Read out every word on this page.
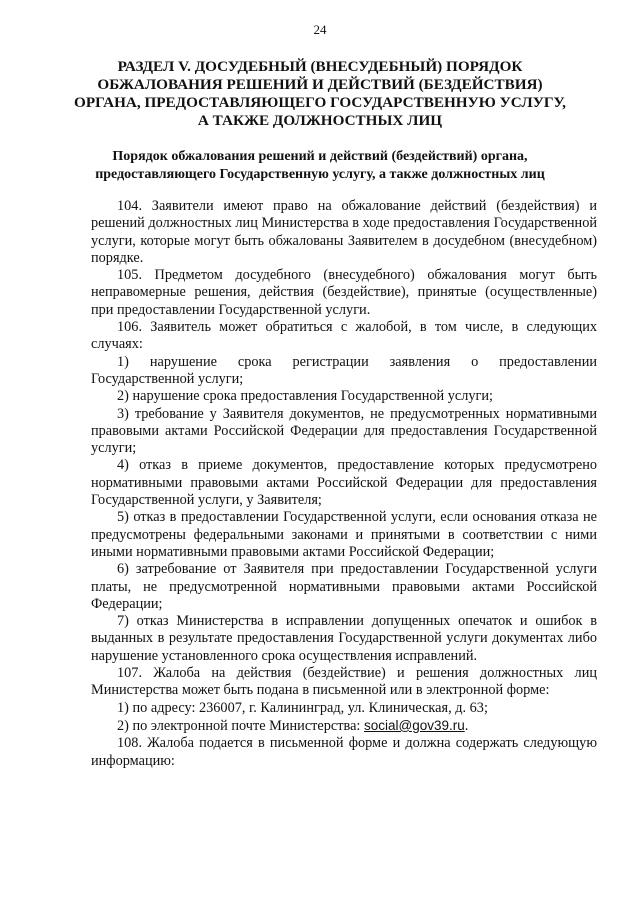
24
РАЗДЕЛ V. ДОСУДЕБНЫЙ (ВНЕСУДЕБНЫЙ) ПОРЯДОК
ОБЖАЛОВАНИЯ РЕШЕНИЙ И ДЕЙСТВИЙ (БЕЗДЕЙСТВИЯ)
ОРГАНА, ПРЕДОСТАВЛЯЮЩЕГО ГОСУДАРСТВЕННУЮ УСЛУГУ,
А ТАКЖЕ ДОЛЖНОСТНЫХ ЛИЦ
Порядок обжалования решений и действий (бездействий) органа,
предоставляющего Государственную услугу, а также должностных лиц

104. Заявители имеют право на обжалование действий (бездействия) и решений должностных лиц Министерства в ходе предоставления Государственной услуги, которые могут быть обжалованы Заявителем в досудебном (внесудебном) порядке.

105. Предметом досудебного (внесудебного) обжалования могут быть неправомерные решения, действия (бездействие), принятые (осуществленные) при предоставлении Государственной услуги.

106. Заявитель может обратиться с жалобой, в том числе, в следующих случаях:

1) нарушение срока регистрации заявления о предоставлении Государственной услуги;

2) нарушение срока предоставления Государственной услуги;

3) требование у Заявителя документов, не предусмотренных нормативными правовыми актами Российской Федерации для предоставления Государственной услуги;

4) отказ в приеме документов, предоставление которых предусмотрено нормативными правовыми актами Российской Федерации для предоставления Государственной услуги, у Заявителя;

5) отказ в предоставлении Государственной услуги, если основания отказа не предусмотрены федеральными законами и принятыми в соответствии с ними иными нормативными правовыми актами Российской Федерации;

6) затребование от Заявителя при предоставлении Государственной услуги платы, не предусмотренной нормативными правовыми актами Российской Федерации;

7) отказ Министерства в исправлении допущенных опечаток и ошибок в выданных в результате предоставления Государственной услуги документах либо нарушение установленного срока осуществления исправлений.

107. Жалоба на действия (бездействие) и решения должностных лиц Министерства может быть подана в письменной или в электронной форме:

1) по адресу: 236007, г. Калининград, ул. Клиническая, д. 63;

2) по электронной почте Министерства: social@gov39.ru.

108. Жалоба подается в письменной форме и должна содержать следующую информацию:
